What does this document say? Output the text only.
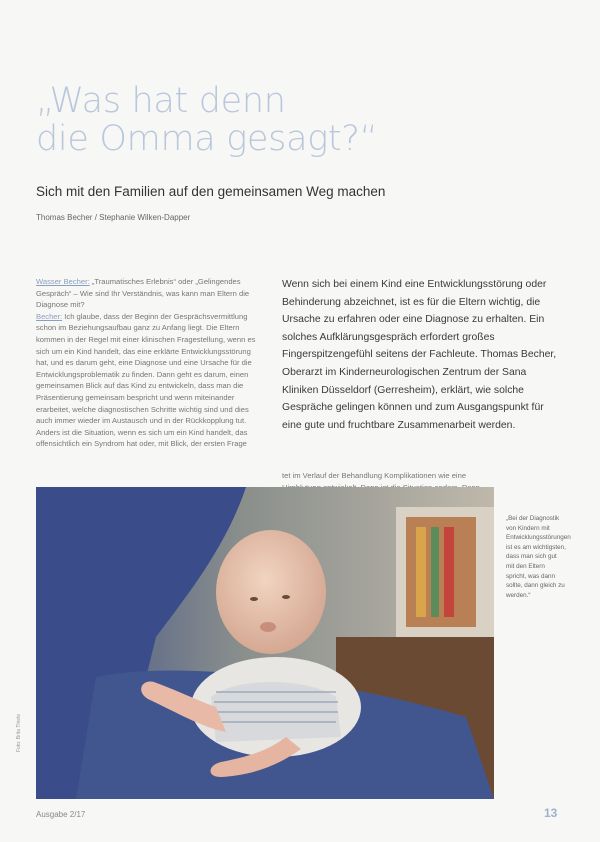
„Was hat denn
die Omma gesagt?“
Sich mit den Familien auf den gemeinsamen Weg machen

Thomas Becher / Stephanie Wilken-Dapper

Wasser Becher: „Traumatisches Erlebnis“ oder „Gelingendes Gespräch“ – Wie sind Ihr Verständnis, was kann man Eltern die Diagnose mit?
Becher: Ich glaube, dass der Beginn der Gesprächsvermittlung schon im Beziehungsaufbau ganz zu Anfang liegt. Die Eltern kommen in der Regel mit einer klinischen Fragestellung, wenn es sich um ein Kind handelt, das eine erklärte Entwicklungsstörung hat, und es darum geht, eine Diagnose und eine Ursache für die Entwicklungsproblematik zu finden. Dann geht es darum, einen gemeinsamen Blick auf das Kind zu entwickeln, dass man die Präsentierung gemeinsam bespricht und wenn miteinander erarbeitet, welche diagnostischen Schritte wichtig sind und dies auch immer wieder im Austausch und in der Rückkopplung tut. Anders ist die Situation, wenn es sich um ein Kind handelt, das offensichtlich ein Syndrom hat oder, mit Blick, der ersten Frage

Wenn sich bei einem Kind eine Entwicklungsstörung oder Behinderung abzeichnet, ist es für die Eltern wichtig, die Ursache zu erfahren oder eine Diagnose zu erhalten. Ein solches Aufklärungsgespräch erfordert großes Fingerspitzengefühl seitens der Fachleute. Thomas Becher, Oberarzt im Kinderneurologischen Zentrum der Sana Kliniken Düsseldorf (Gerresheim), erklärt, wie solche Gespräche gelingen können und zum Ausgangspunkt für eine gute und fruchtbare Zusammenarbeit werden.

tet im Verlauf der Behandlung Komplikationen wie eine

„Bei der Diagnostik von Kindern mit Entwicklungsstörungen ist es am wichtigsten, dass man sich gut mit den Eltern spricht, was dann sollte, dann gleich zu werden.“

Foto: Brita Thiele

Ausgabe 2/17	13
